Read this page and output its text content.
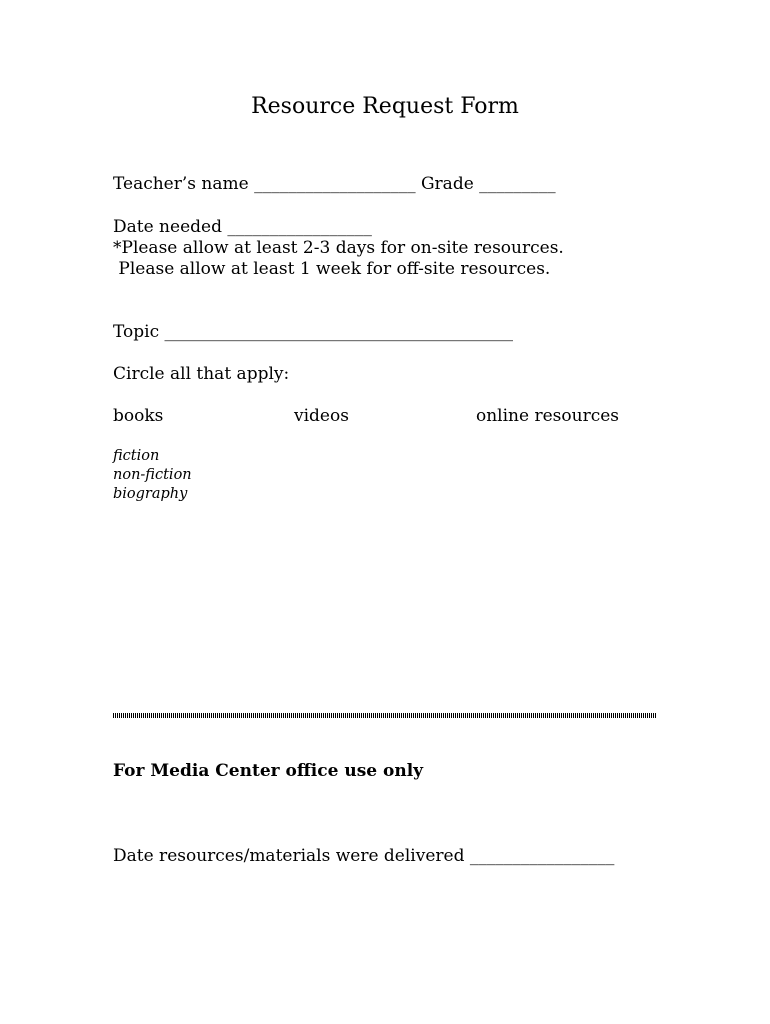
Resource Request Form
Teacher’s name ___________________ Grade _________
Date needed _________________
*Please allow at least 2-3 days for on-site resources.
Please allow at least 1 week for off-site resources.
Topic _________________________________________
Circle all that apply:
books	videos	online resources
fiction
non-fiction
biography
For Media Center office use only
Date resources/materials were delivered _________________
